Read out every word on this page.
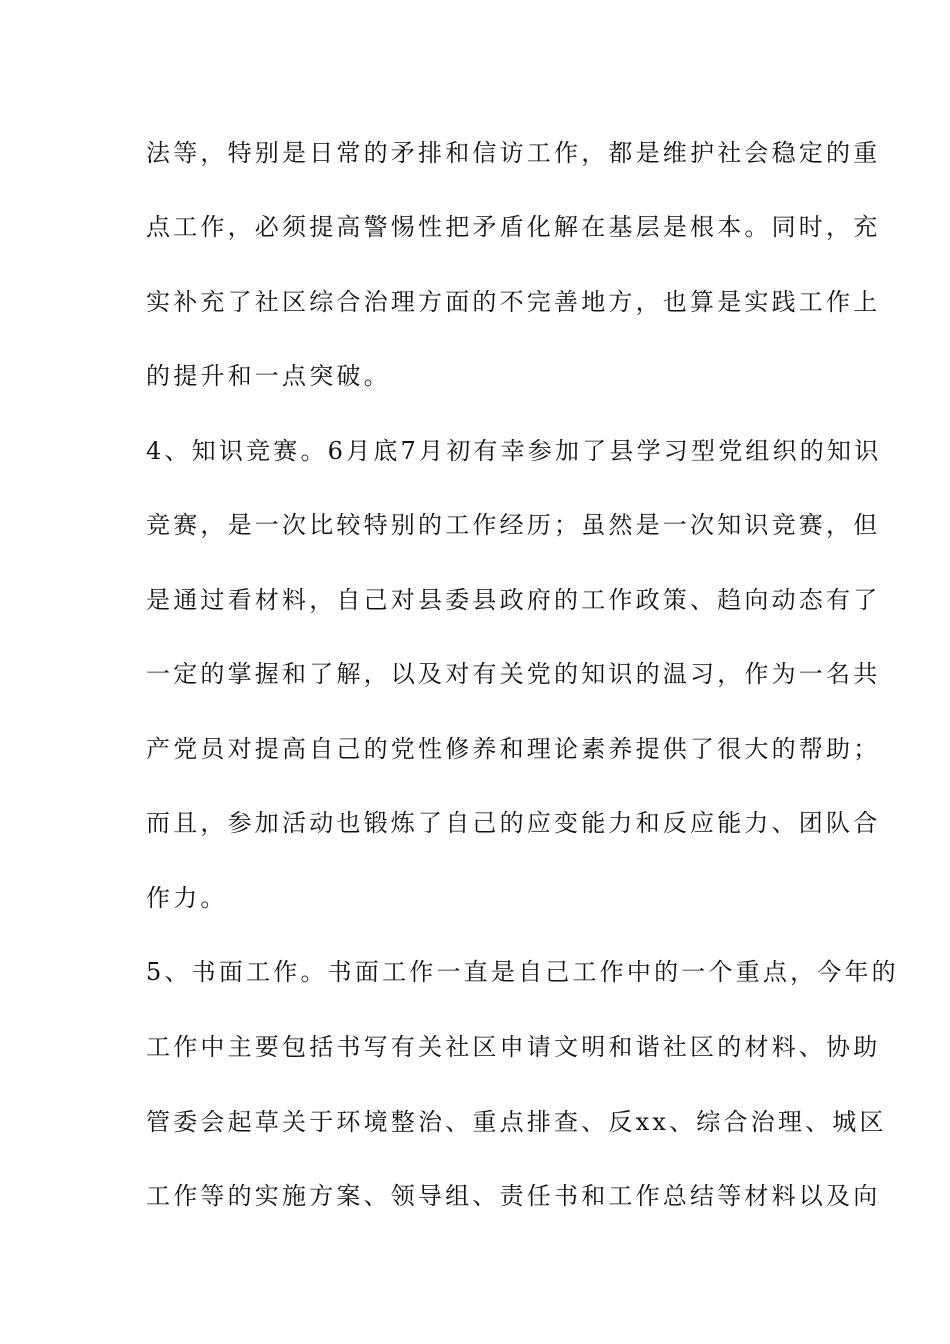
法等，特别是日常的矛排和信访工作，都是维护社会稳定的重
点工作，必须提高警惕性把矛盾化解在基层是根本。同时，充
实补充了社区综合治理方面的不完善地方，也算是实践工作上
的提升和一点突破。
4、知识竞赛。6月底7月初有幸参加了县学习型党组织的知识
竞赛，是一次比较特别的工作经历；虽然是一次知识竞赛，但
是通过看材料，自己对县委县政府的工作政策、趋向动态有了
一定的掌握和了解，以及对有关党的知识的温习，作为一名共
产党员对提高自己的党性修养和理论素养提供了很大的帮助；
而且，参加活动也锻炼了自己的应变能力和反应能力、团队合
作力。
5、书面工作。书面工作一直是自己工作中的一个重点，今年的
工作中主要包括书写有关社区申请文明和谐社区的材料、协助
管委会起草关于环境整治、重点排查、反xx、综合治理、城区
工作等的实施方案、领导组、责任书和工作总结等材料以及向
